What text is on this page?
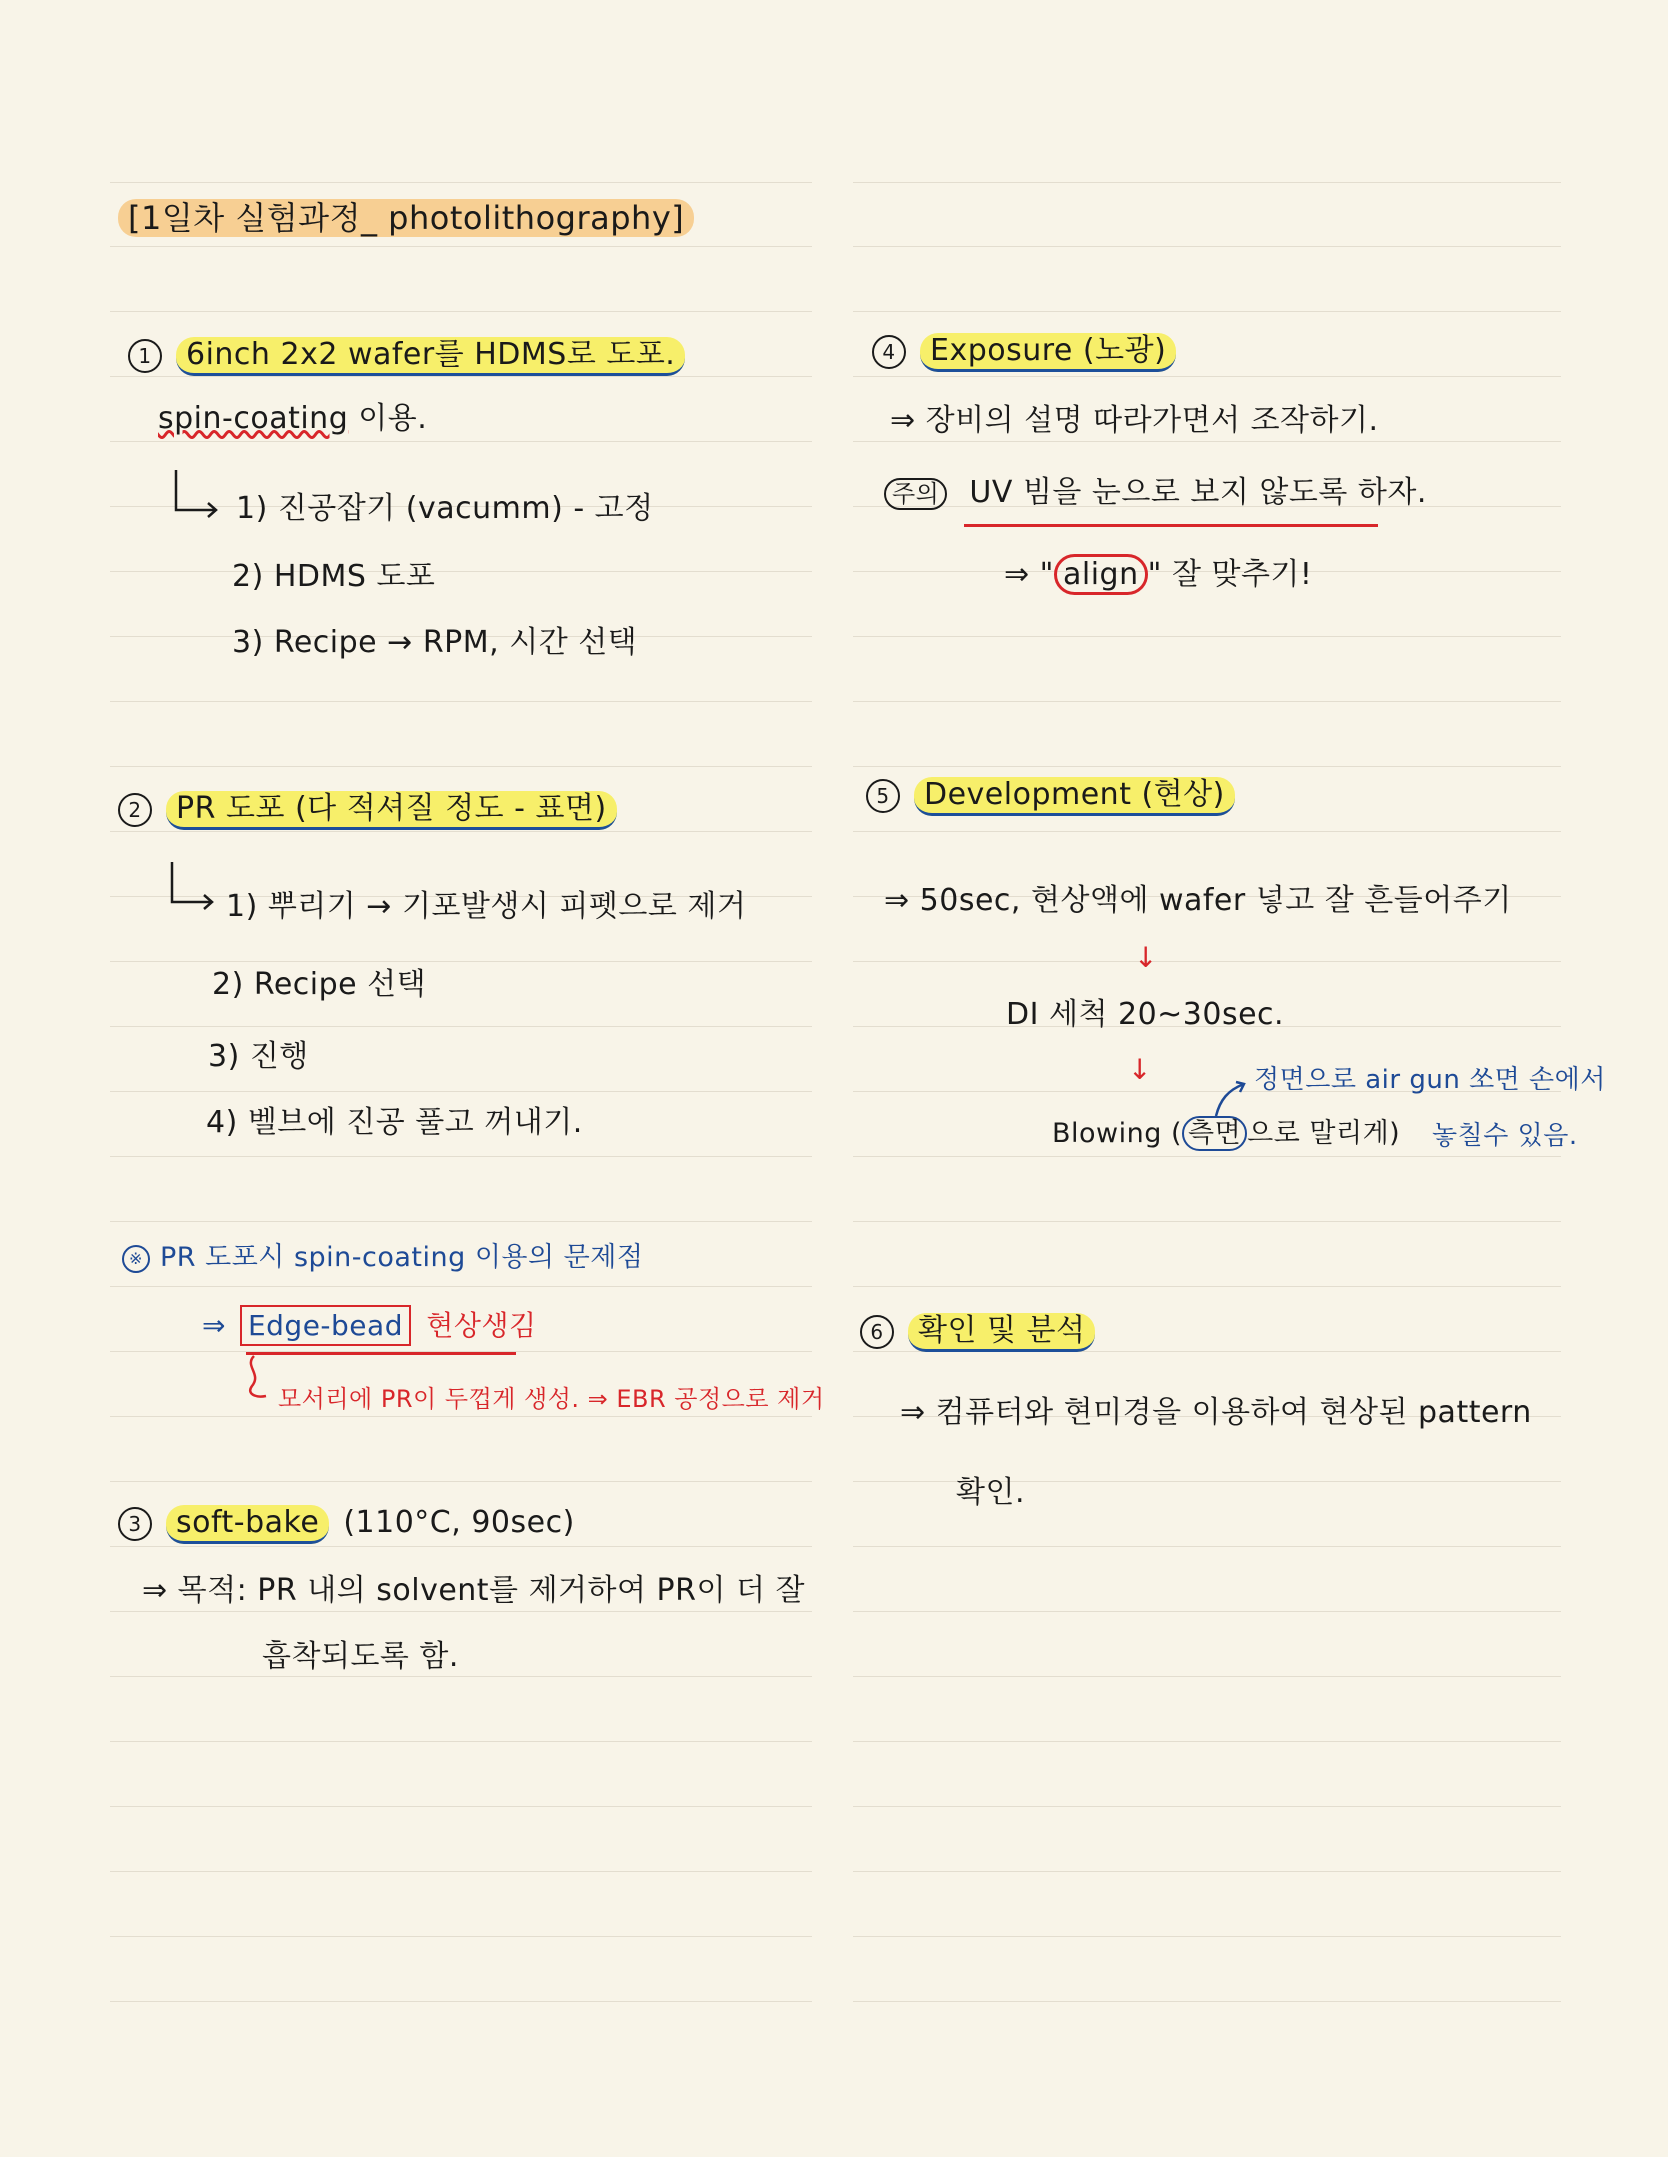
[1일차 실험과정_ photolithography]
1 6inch 2x2 wafer를 HDMS로 도포.
spin-coating 이용.
1) 진공잡기 (vacumm) - 고정
2) HDMS 도포
3) Recipe → RPM, 시간 선택
2 PR 도포 (다 적셔질 정도 - 표면)
1) 뿌리기 → 기포발생시 피펫으로 제거
2) Recipe 선택
3) 진행
4) 벨브에 진공 풀고 꺼내기.
※ PR 도포시 spin-coating 이용의 문제점
⇒ Edge-bead 현상생김
모서리에 PR이 두껍게 생성. ⇒ EBR 공정으로 제거
3 soft-bake (110°C, 90sec)
⇒ 목적: PR 내의 solvent를 제거하여 PR이 더 잘
흡착되도록 함.
4 Exposure (노광)
⇒ 장비의 설명 따라가면서 조작하기.
주의 UV 빔을 눈으로 보지 않도록 하자.
⇒ " align " 잘 맞추기!
5 Development (현상)
⇒ 50sec, 현상액에 wafer 넣고 잘 흔들어주기
↓
DI 세척 20~30sec.
↓
Blowing ( 측면 으로 말리게)
정면으로 air gun 쏘면 손에서
놓칠수 있음.
6 확인 및 분석
⇒ 컴퓨터와 현미경을 이용하여 현상된 pattern
확인.
